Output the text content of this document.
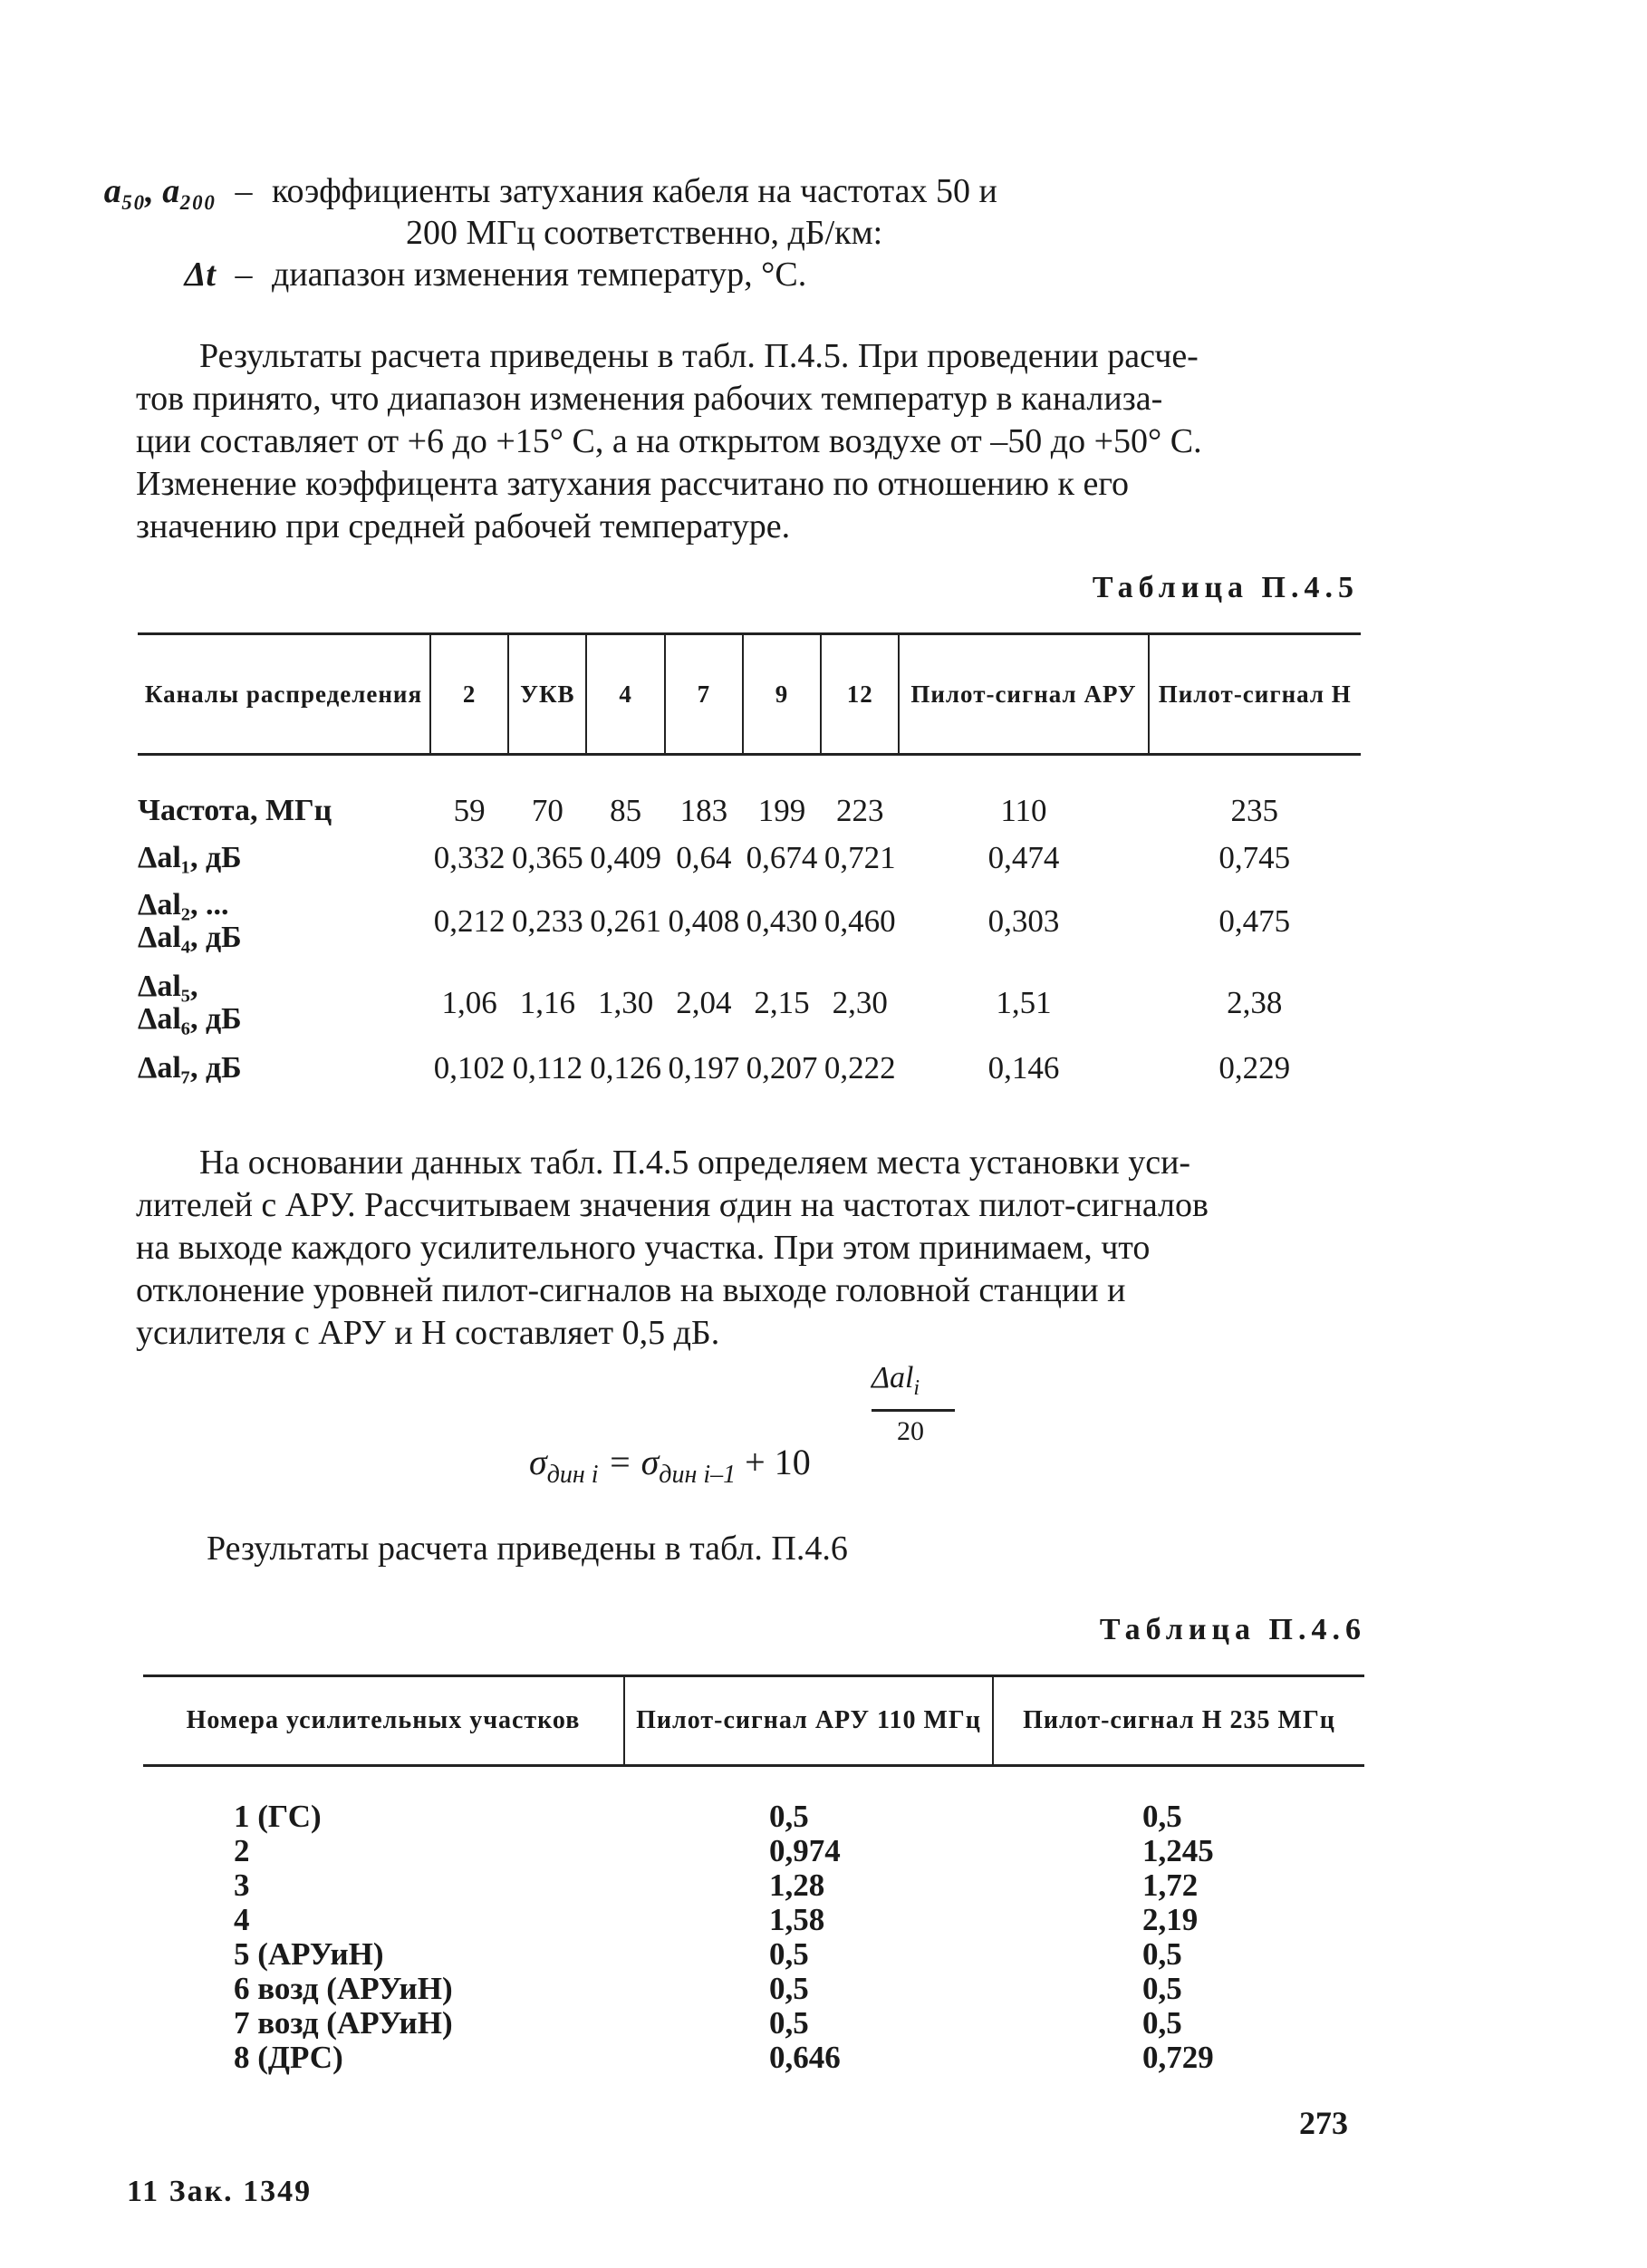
a₅₀, a₂₀₀ – коэффициенты затухания кабеля на частотах 50 и
200 МГц соответственно, дБ/км:
Δt – диапазон изменения температур, °С.

Результаты расчета приведены в табл. П.4.5. При проведении расче-

тов принято, что диапазон изменения рабочих температур в канализа-

ции составляет от +6 до +15° С, а на открытом воздухе от –50 до +50° С.

Изменение коэффицента затухания рассчитано по отношению к его

значению при средней рабочей температуре.

Таблица П.4.5
Каналы распределения	2	УКВ	4	7	9	12	Пилот-сигнал АРУ	Пилот-сигнал Н

Частота, МГц	59	70	85	183	199	223	110	235
Δal₁, дБ	0,332	0,365	0,409	0,64	0,674	0,721	0,474	0,745
Δal₂, ...
Δal₄, дБ	0,212	0,233	0,261	0,408	0,430	0,460	0,303	0,475
Δal₅,
Δal₆, дБ	1,06	1,16	1,30	2,04	2,15	2,30	1,51	2,38
Δal₇, дБ	0,102	0,112	0,126	0,197	0,207	0,222	0,146	0,229

На основании данных табл. П.4.5 определяем места установки уси-

лителей с АРУ. Рассчитываем значения σдин на частотах пилот-сигналов

на выходе каждого усилительного участка. При этом принимаем, что

отклонение уровней пилот-сигналов на выходе головной станции и

усилителя с АРУ и Н составляет 0,5 дБ.

Δal$_i$
20
$\sigma_{дин i} = \sigma_{дин i-1} + 10$
Результаты расчета приведены в табл. П.4.6
Таблица П.4.6
Номера усилительных участков	Пилот-сигнал АРУ 110 МГц	Пилот-сигнал Н 235 МГц

1 (ГС)	0,5	0,5
2	0,974	1,245
3	1,28	1,72
4	1,58	2,19
5 (АРУиН)	0,5	0,5
6 возд (АРУиН)	0,5	0,5
7 возд (АРУиН)	0,5	0,5
8 (ДРС)	0,646	0,729
273
11 Зак. 1349
